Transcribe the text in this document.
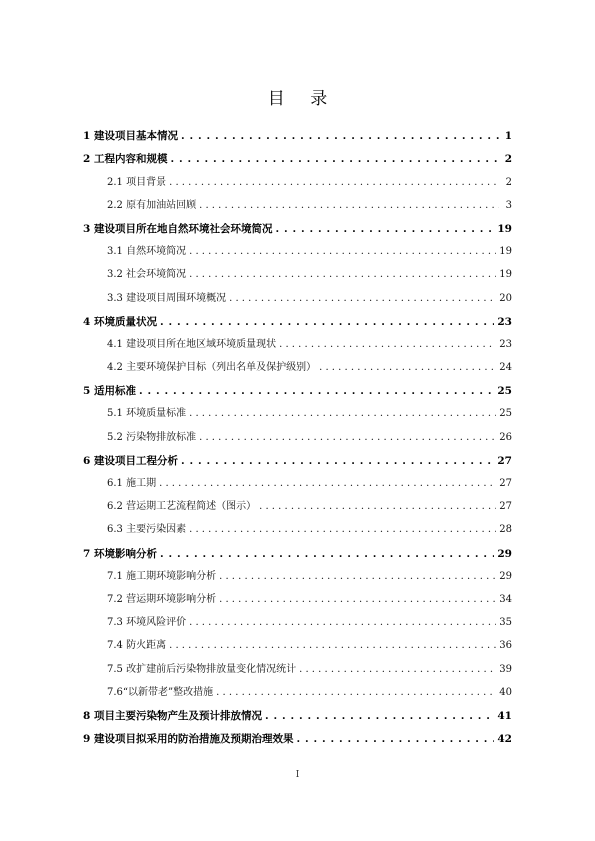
目 录
1 建设项目基本情况 . . .	1
2 工程内容和规模 . . .	2
2.1 项目背景 . . .	2
2.2 原有加油站回顾 . . .	3
3 建设项目所在地自然环境社会环境简况 . . .	19
3.1 自然环境简况 . . .	19
3.2 社会环境简况 . . .	19
3.3 建设项目周围环境概况 . . .	20
4 环境质量状况 . . .	23
4.1 建设项目所在地区域环境质量现状 . . .	23
4.2 主要环境保护目标（列出名单及保护级别） . . .	24
5 适用标准 . . .	25
5.1 环境质量标准 . . .	25
5.2 污染物排放标准 . . .	26
6 建设项目工程分析 . . .	27
6.1 施工期 . . .	27
6.2 营运期工艺流程简述（图示） . . .	27
6.3 主要污染因素 . . .	28
7 环境影响分析 . . .	29
7.1 施工期环境影响分析 . . .	29
7.2 营运期环境影响分析 . . .	34
7.3 环境风险评价 . . .	35
7.4 防火距离 . . .	36
7.5 改扩建前后污染物排放量变化情况统计 . . .	39
7.6“以新带老”整改措施 . . .	40
8 项目主要污染物产生及预计排放情况 . . .	41
9 建设项目拟采用的防治措施及预期治理效果 . . .	42
I
